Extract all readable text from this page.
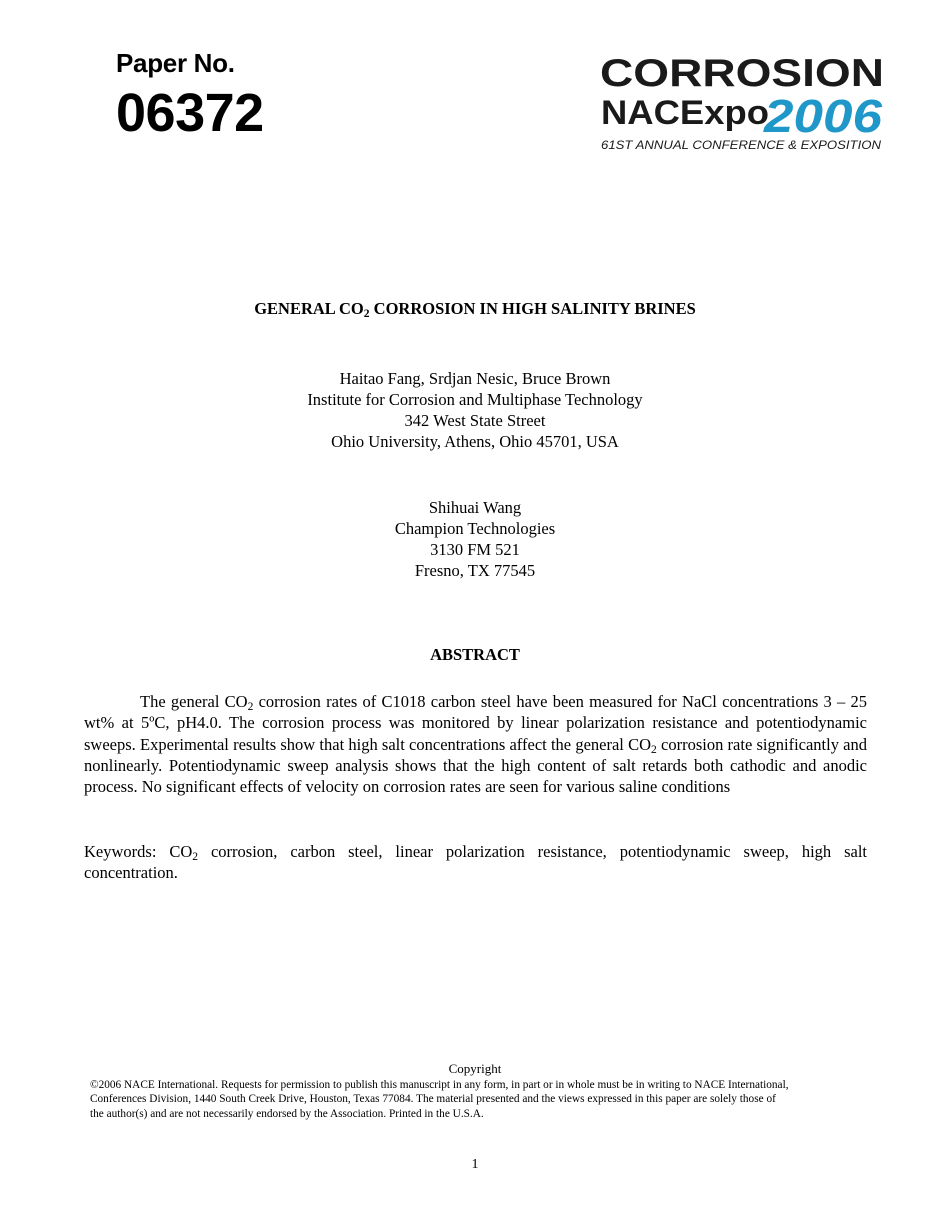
Paper No.
06372
CORROSION
NACExpo
2006
61ST ANNUAL CONFERENCE & EXPOSITION
GENERAL $CO_2$ CORROSION IN HIGH SALINITY BRINES
Haitao Fang, Srdjan Nesic, Bruce Brown
Institute for Corrosion and Multiphase Technology
342 West State Street
Ohio University, Athens, Ohio 45701, USA
Shihuai Wang
Champion Technologies
3130 FM 521
Fresno, TX 77545
ABSTRACT
The general $CO_2$ corrosion rates of C1018 carbon steel have been measured for NaCl concentrations 3 – 25 wt% at 5ºC, pH4.0. The corrosion process was monitored by linear polarization resistance and potentiodynamic sweeps. Experimental results show that high salt concentrations affect the general $CO_2$ corrosion rate significantly and nonlinearly. Potentiodynamic sweep analysis shows that the high content of salt retards both cathodic and anodic process. No significant effects of velocity on corrosion rates are seen for various saline conditions
Keywords: $CO_2$ corrosion, carbon steel, linear polarization resistance, potentiodynamic sweep, high salt concentration.
Copyright
©2006 NACE International. Requests for permission to publish this manuscript in any form, in part or in whole must be in writing to NACE International,
Conferences Division, 1440 South Creek Drive, Houston, Texas 77084. The material presented and the views expressed in this paper are solely those of
the author(s) and are not necessarily endorsed by the Association. Printed in the U.S.A.
1
